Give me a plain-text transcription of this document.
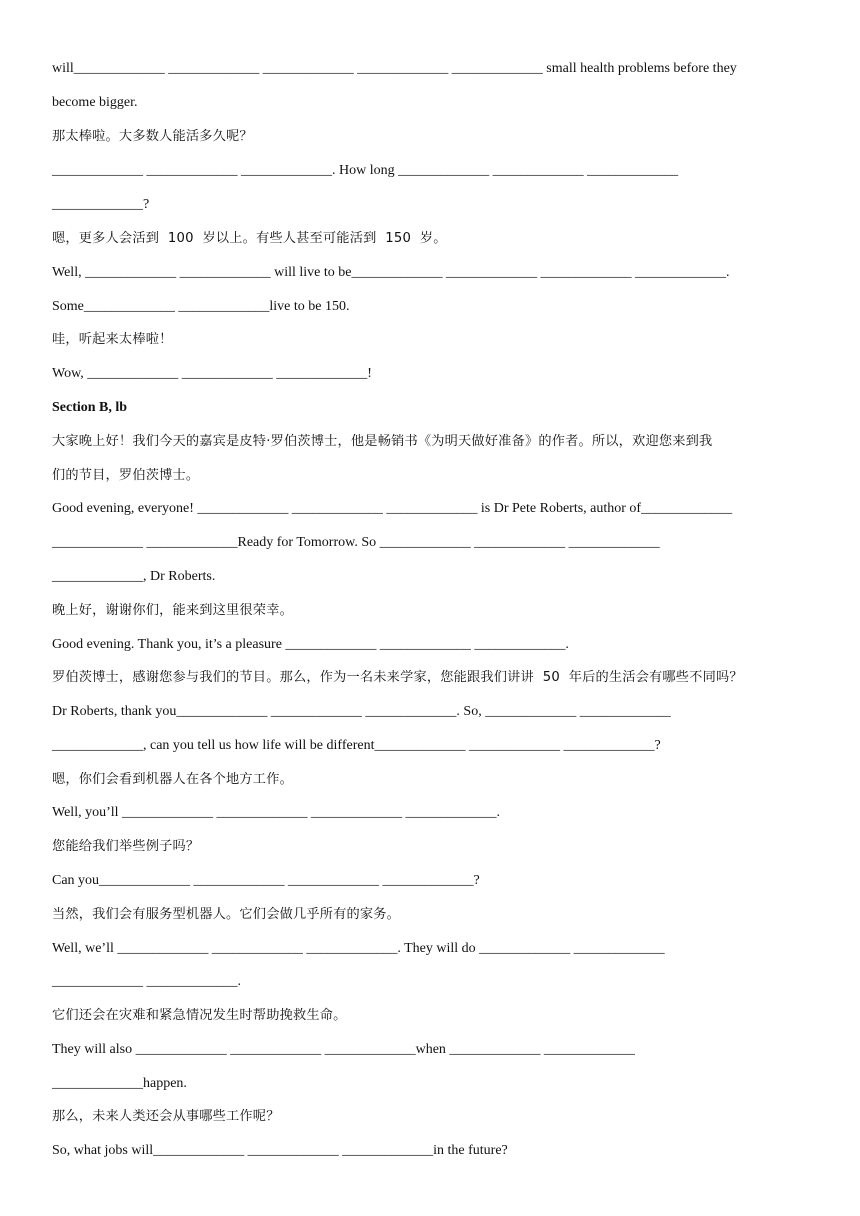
will_____________ _____________ _____________ _____________ _____________ small health problems before they

become bigger.

那太棒啦。大多数人能活多久呢？

_____________ _____________ _____________. How long _____________ _____________ _____________

_____________?

嗯，更多人会活到  100  岁以上。有些人甚至可能活到  150  岁。

Well, _____________ _____________ will live to be_____________ _____________ _____________ _____________.

Some_____________ _____________live to be 150.

哇，听起来太棒啦！

Wow, _____________ _____________ _____________!

Section B, lb

大家晚上好！我们今天的嘉宾是皮特·罗伯茨博士，他是畅销书《为明天做好准备》的作者。所以，欢迎您来到我

们的节目，罗伯茨博士。

Good evening, everyone! _____________ _____________ _____________ is Dr Pete Roberts, author of_____________

_____________ _____________Ready for Tomorrow. So _____________ _____________ _____________

_____________, Dr Roberts.

晚上好，谢谢你们，能来到这里很荣幸。

Good evening. Thank you, it’s a pleasure _____________ _____________ _____________.

罗伯茨博士，感谢您参与我们的节目。那么，作为一名未来学家，您能跟我们讲讲  50  年后的生活会有哪些不同吗？

Dr Roberts, thank you_____________ _____________ _____________. So, _____________ _____________

_____________, can you tell us how life will be different_____________ _____________ _____________?

嗯，你们会看到机器人在各个地方工作。

Well, you’ll _____________ _____________ _____________ _____________.

您能给我们举些例子吗？

Can you_____________ _____________ _____________ _____________?

当然，我们会有服务型机器人。它们会做几乎所有的家务。

Well, we’ll _____________ _____________ _____________. They will do _____________ _____________

_____________ _____________.

它们还会在灾难和紧急情况发生时帮助挽救生命。

They will also _____________ _____________ _____________when _____________ _____________

_____________happen.

那么，未来人类还会从事哪些工作呢？

So, what jobs will_____________ _____________ _____________in the future?
